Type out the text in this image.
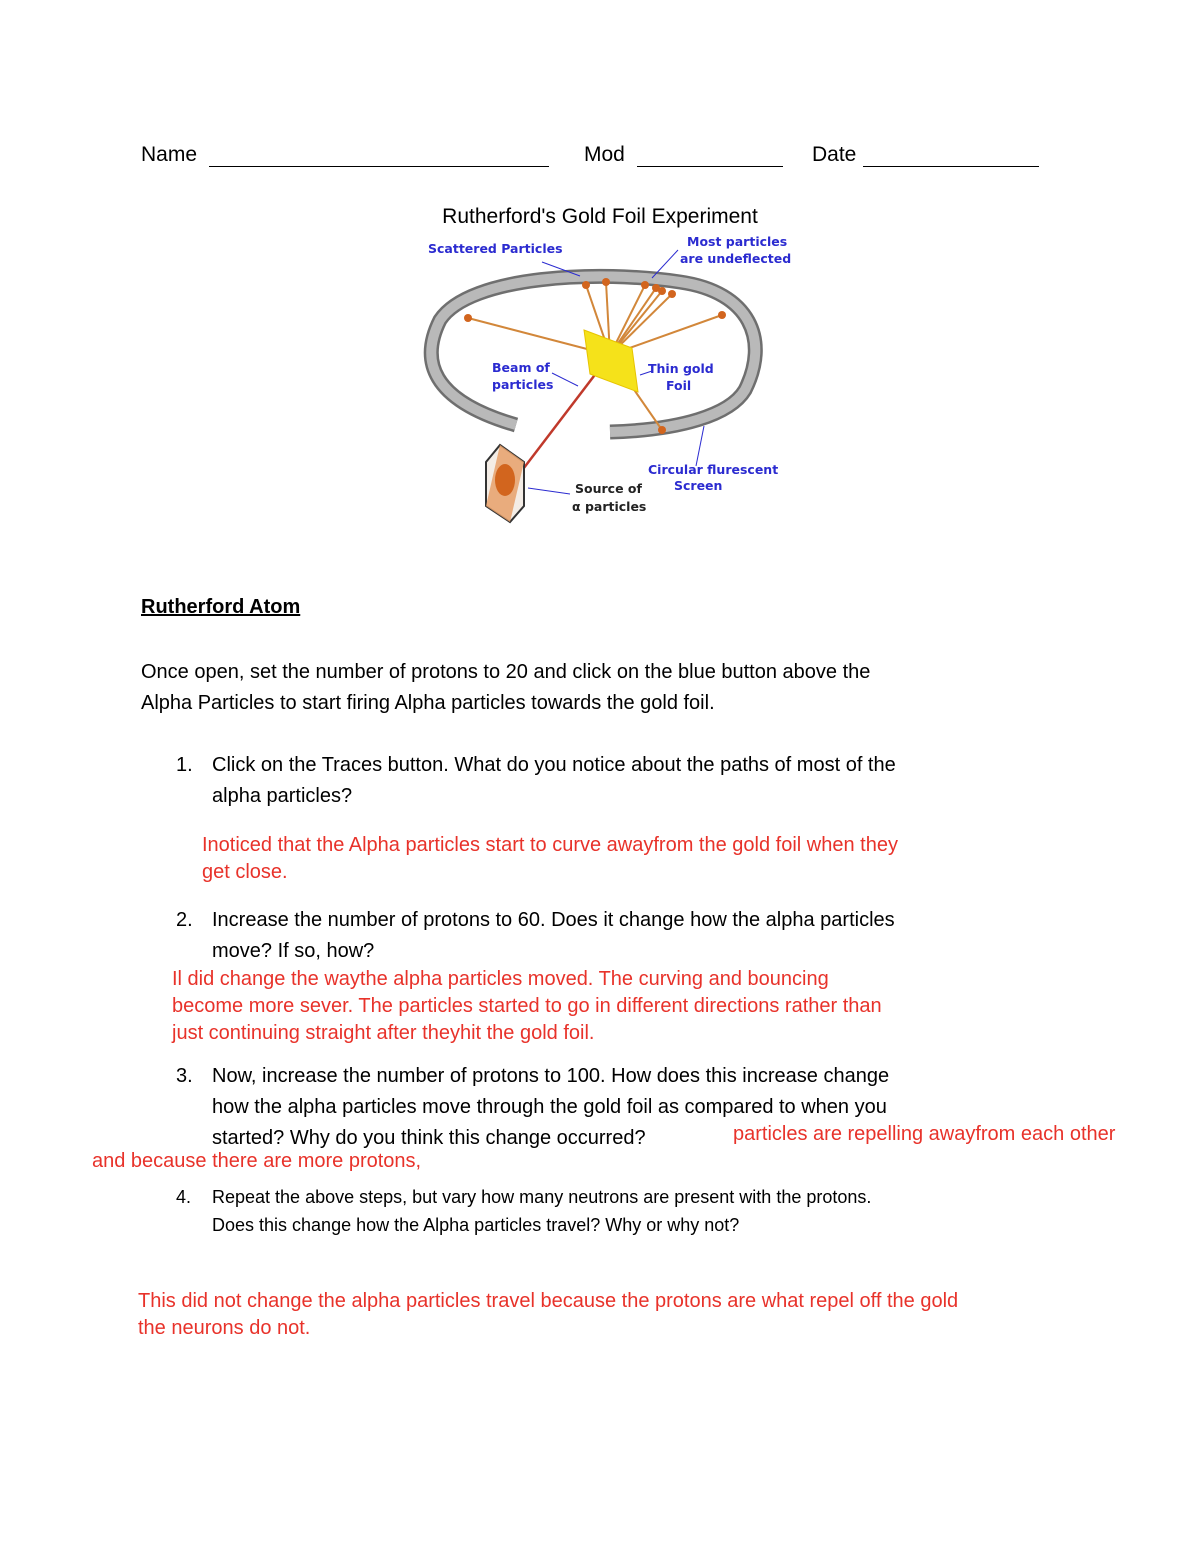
Name	Mod	Date
Rutherford's Gold Foil Experiment
Scattered Particles	Most particles
are undeflected
Beam of
particles
Thin gold
Foil
Circular flurescent
Screen
Source of
α particles
Rutherford Atom
Once open, set the number of protons to 20 and click on the blue button above the
Alpha Particles to start firing Alpha particles towards the gold foil.
1. Click on the Traces button. What do you notice about the paths of most of the
alpha particles?
Inoticed that the Alpha particles start to curve awayfrom the gold foil when they
get close.
2. Increase the number of protons to 60. Does it change how the alpha particles
move? If so, how?
Il did change the waythe alpha particles moved. The curving and bouncing
become more sever. The particles started to go in different directions rather than
just continuing straight after theyhit the gold foil.
3. Now, increase the number of protons to 100. How does this increase change
how the alpha particles move through the gold foil as compared to when you
started? Why do you think this change occurred?	particles are repelling awayfrom each other
and because there are more protons,
4. Repeat the above steps, but vary how many neutrons are present with the protons.
Does this change how the Alpha particles travel? Why or why not?
This did not change the alpha particles travel because the protons are what repel off the gold
the neurons do not.
